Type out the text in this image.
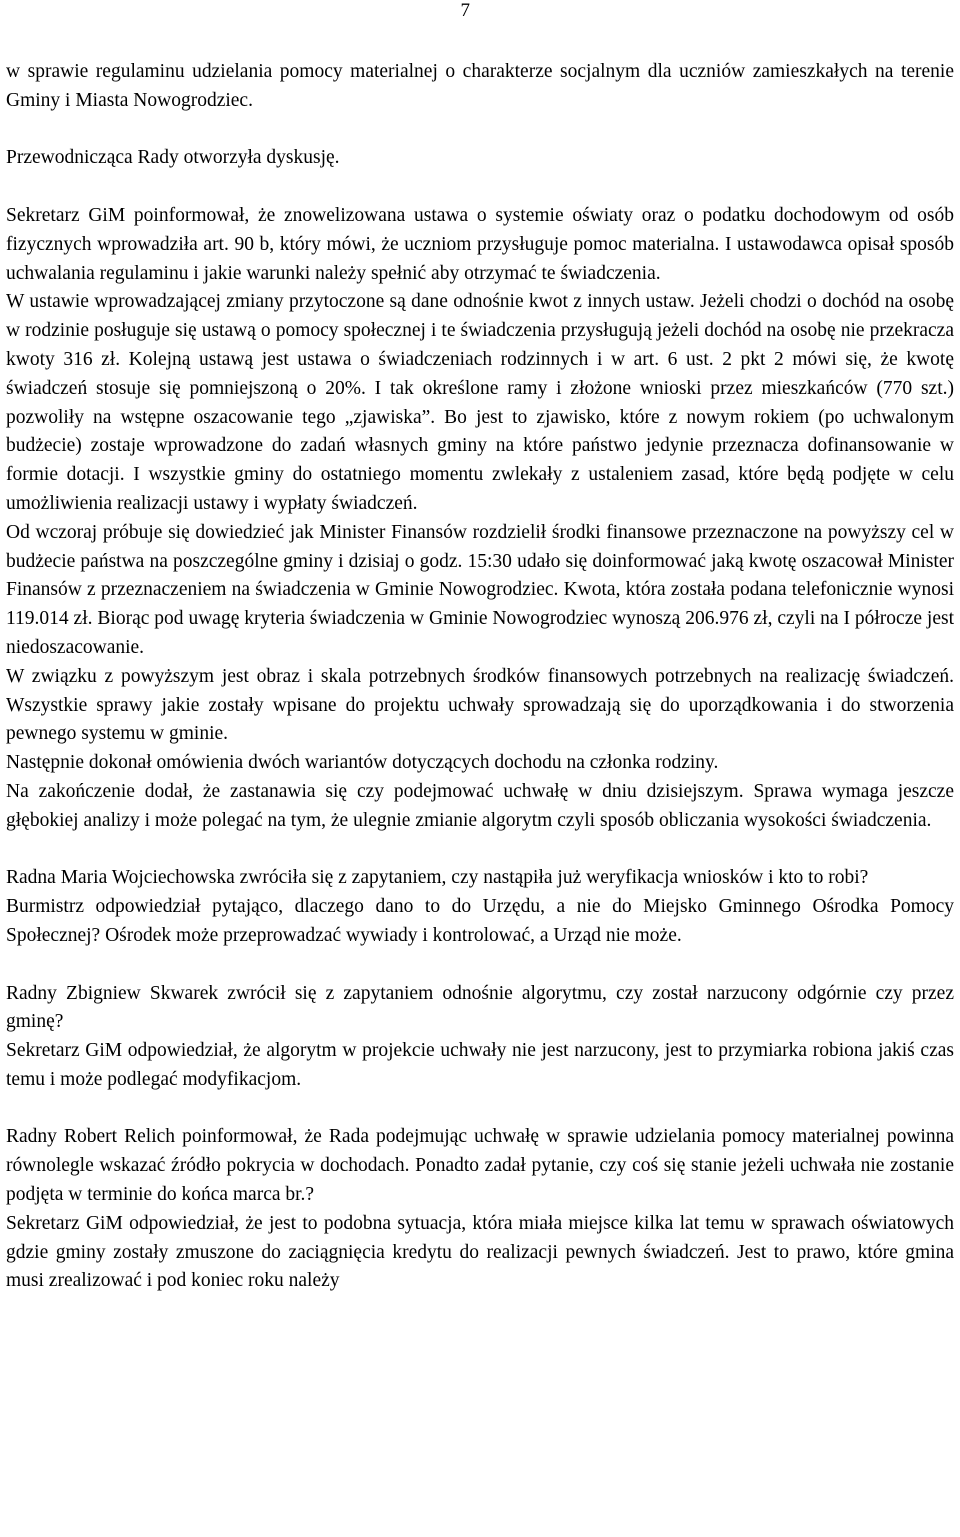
7

w sprawie regulaminu udzielania pomocy materialnej o charakterze socjalnym dla uczniów zamieszkałych na terenie Gminy i Miasta Nowogrodziec.

Przewodnicząca Rady otworzyła dyskusję.

Sekretarz GiM poinformował, że znowelizowana ustawa o systemie oświaty oraz o podatku dochodowym od osób fizycznych wprowadziła art. 90 b, który mówi, że uczniom przysługuje pomoc materialna. I ustawodawca opisał sposób uchwalania regulaminu i jakie warunki należy spełnić aby otrzymać te świadczenia.

W ustawie wprowadzającej zmiany przytoczone są dane odnośnie kwot z innych ustaw. Jeżeli chodzi o dochód na osobę w rodzinie posługuje się ustawą o pomocy społecznej i te świadczenia przysługują jeżeli dochód na osobę nie przekracza kwoty 316 zł. Kolejną ustawą jest ustawa o świadczeniach rodzinnych i w art. 6 ust. 2 pkt 2 mówi się, że kwotę świadczeń stosuje się pomniejszoną o 20%. I tak określone ramy i złożone wnioski przez mieszkańców (770 szt.) pozwoliły na wstępne oszacowanie tego „zjawiska”. Bo jest to zjawisko, które z nowym rokiem (po uchwalonym budżecie) zostaje wprowadzone do zadań własnych gminy na które państwo jedynie przeznacza dofinansowanie w formie dotacji. I wszystkie gminy do ostatniego momentu zwlekały z ustaleniem zasad, które będą podjęte w celu umożliwienia realizacji ustawy i wypłaty świadczeń.

Od wczoraj próbuje się dowiedzieć jak Minister Finansów rozdzielił środki finansowe przeznaczone na powyższy cel w budżecie państwa na poszczególne gminy i dzisiaj o godz. 15:30 udało się doinformować jaką kwotę oszacował Minister Finansów z przeznaczeniem na świadczenia w Gminie Nowogrodziec. Kwota, która została podana telefonicznie wynosi 119.014 zł. Biorąc pod uwagę kryteria świadczenia w Gminie Nowogrodziec wynoszą 206.976 zł, czyli na I półrocze jest niedoszacowanie.

W związku z powyższym jest obraz i skala potrzebnych środków finansowych potrzebnych na realizację świadczeń. Wszystkie sprawy jakie zostały wpisane do projektu uchwały sprowadzają się do uporządkowania i do stworzenia pewnego systemu w gminie.

Następnie dokonał omówienia dwóch wariantów dotyczących dochodu na członka rodziny.

Na zakończenie dodał, że zastanawia się czy podejmować uchwałę w dniu dzisiejszym. Sprawa wymaga jeszcze głębokiej analizy i może polegać na tym, że ulegnie zmianie algorytm czyli sposób obliczania wysokości świadczenia.

Radna Maria Wojciechowska zwróciła się z zapytaniem, czy nastąpiła już weryfikacja wniosków i kto to robi?

Burmistrz odpowiedział pytająco, dlaczego dano to do Urzędu, a nie do Miejsko Gminnego Ośrodka Pomocy Społecznej? Ośrodek może przeprowadzać wywiady i kontrolować, a Urząd nie może.

Radny Zbigniew Skwarek zwrócił się z zapytaniem odnośnie algorytmu, czy został narzucony odgórnie czy przez gminę?

Sekretarz GiM odpowiedział, że algorytm w projekcie uchwały nie jest narzucony, jest to przymiarka robiona jakiś czas temu i może podlegać modyfikacjom.

Radny Robert Relich poinformował, że Rada podejmując uchwałę w sprawie udzielania pomocy materialnej powinna równolegle wskazać źródło pokrycia w dochodach. Ponadto zadał pytanie, czy coś się stanie jeżeli uchwała nie zostanie podjęta w terminie do końca marca br.?

Sekretarz GiM odpowiedział, że jest to podobna sytuacja, która miała miejsce kilka lat temu w sprawach oświatowych gdzie gminy zostały zmuszone do zaciągnięcia kredytu do realizacji pewnych świadczeń. Jest to prawo, które gmina musi zrealizować i pod koniec roku należy
